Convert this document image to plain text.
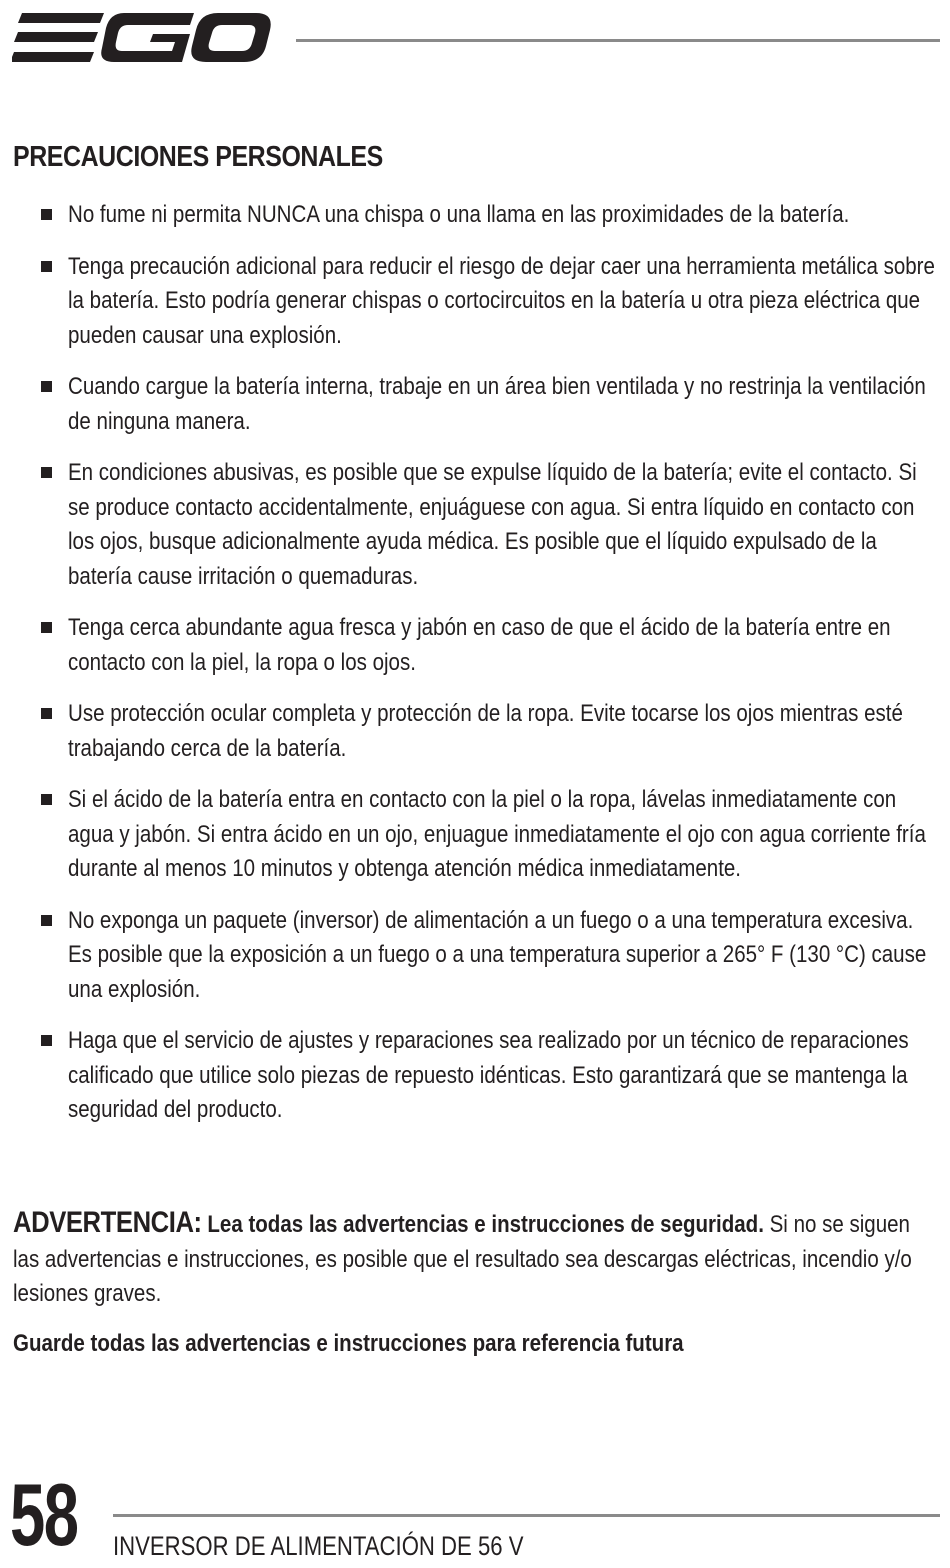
PRECAUCIONES PERSONALES
No fume ni permita NUNCA una chispa o una llama en las proximidades de la batería.
Tenga precaución adicional para reducir el riesgo de dejar caer una herramienta metálica sobre la batería. Esto podría generar chispas o cortocircuitos en la batería u otra pieza eléctrica que pueden causar una explosión.
Cuando cargue la batería interna, trabaje en un área bien ventilada y no restrinja la ventilación de ninguna manera.
En condiciones abusivas, es posible que se expulse líquido de la batería; evite el contacto. Si se produce contacto accidentalmente, enjuáguese con agua. Si entra líquido en contacto con los ojos, busque adicionalmente ayuda médica. Es posible que el líquido expulsado de la batería cause irritación o quemaduras.
Tenga cerca abundante agua fresca y jabón en caso de que el ácido de la batería entre en contacto con la piel, la ropa o los ojos.
Use protección ocular completa y protección de la ropa. Evite tocarse los ojos mientras esté trabajando cerca de la batería.
Si el ácido de la batería entra en contacto con la piel o la ropa, lávelas inmediatamente con agua y jabón. Si entra ácido en un ojo, enjuague inmediatamente el ojo con agua corriente fría durante al menos 10 minutos y obtenga atención médica inmediatamente.
No exponga un paquete (inversor) de alimentación a un fuego o a una temperatura excesiva. Es posible que la exposición a un fuego o a una temperatura superior a 265° F (130 °C) cause una explosión.
Haga que el servicio de ajustes y reparaciones sea realizado por un técnico de reparaciones calificado que utilice solo piezas de repuesto idénticas. Esto garantizará que se mantenga la seguridad del producto.

ADVERTENCIA: Lea todas las advertencias e instrucciones de seguridad. Si no se siguen las advertencias e instrucciones, es posible que el resultado sea descargas eléctricas, incendio y/o lesiones graves.

Guarde todas las advertencias e instrucciones para referencia futura

58 INVERSOR DE ALIMENTACIÓN DE 56 V
